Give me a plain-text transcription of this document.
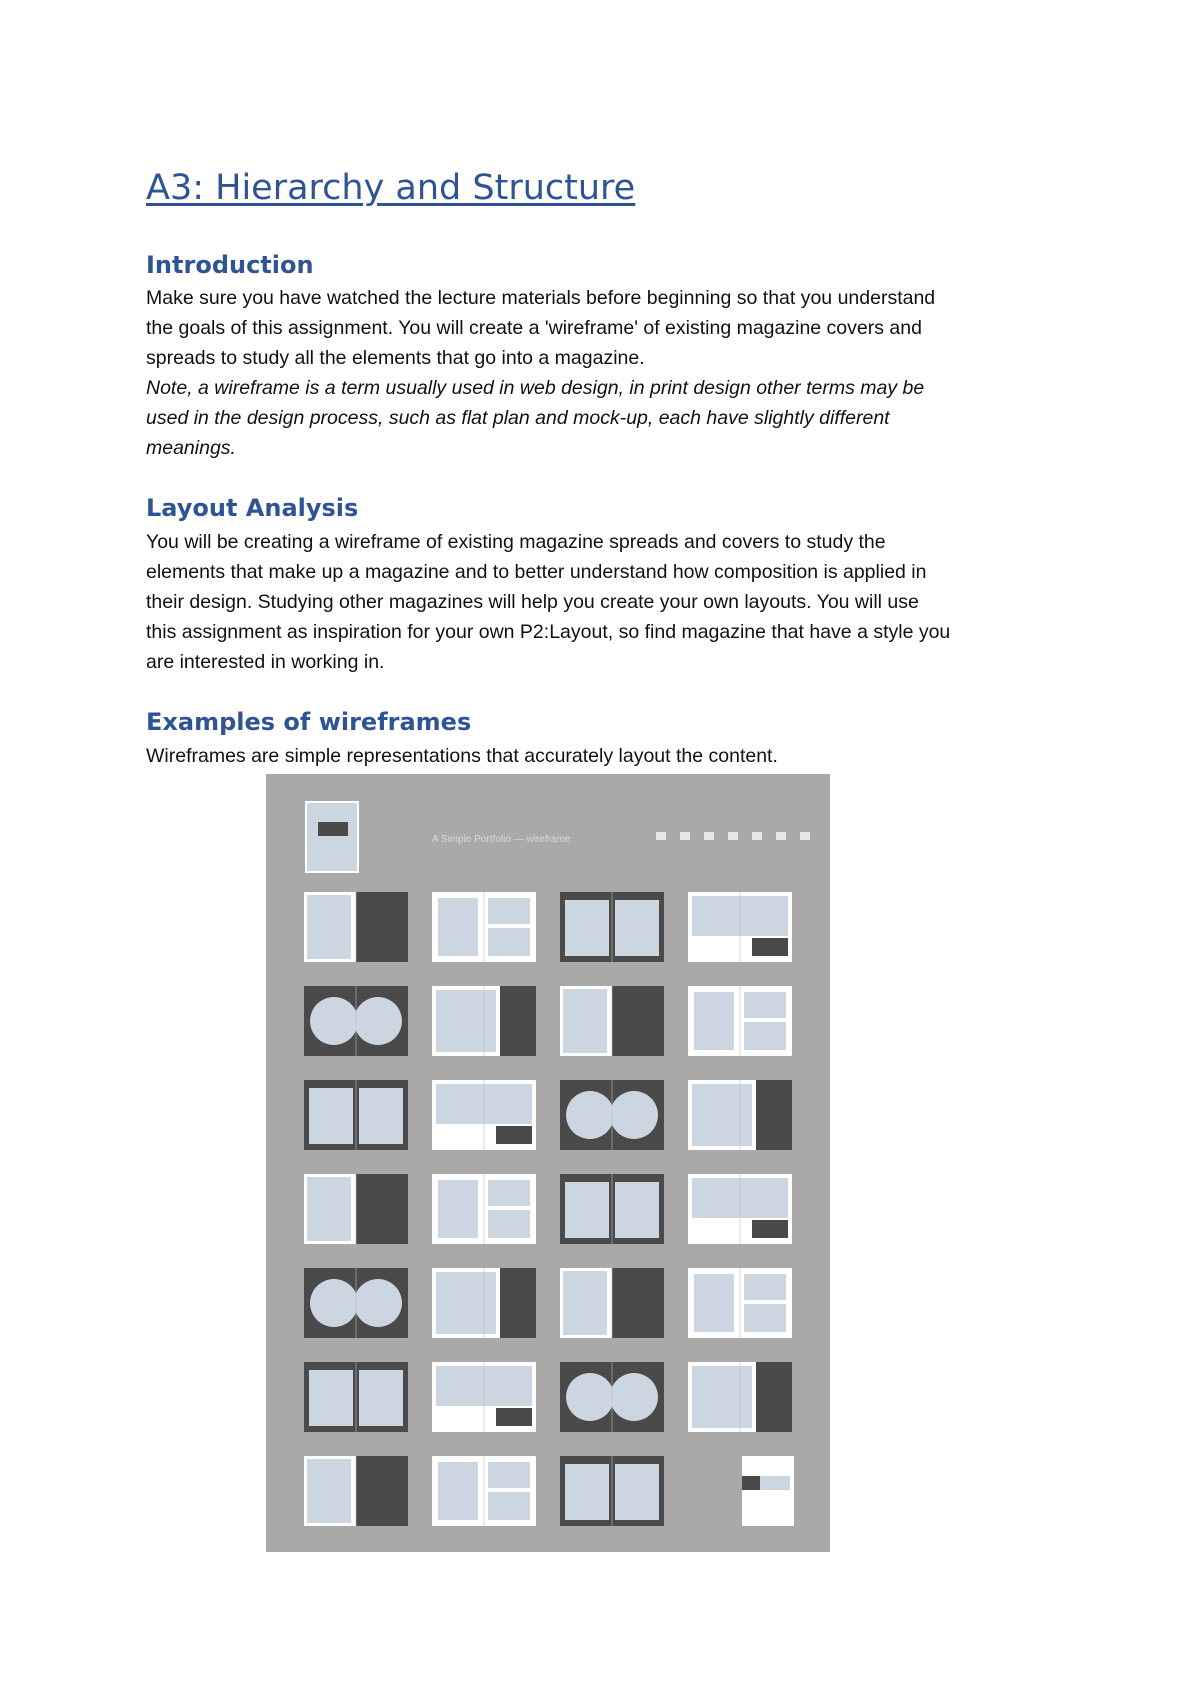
A3: Hierarchy and Structure
Introduction

Make sure you have watched the lecture materials before beginning so that you understand
the goals of this assignment. You will create a 'wireframe' of existing magazine covers and
spreads to study all the elements that go into a magazine.
Note, a wireframe is a term usually used in web design, in print design other terms may be
used in the design process, such as flat plan and mock-up, each have slightly different
meanings.

Layout Analysis

You will be creating a wireframe of existing magazine spreads and covers to study the
elements that make up a magazine and to better understand how composition is applied in
their design. Studying other magazines will help you create your own layouts. You will use
this assignment as inspiration for your own P2:Layout, so find magazine that have a style you
are interested in working in.

Examples of wireframes

Wireframes are simple representations that accurately layout the content.

A Simple Portfolio — wireframe
